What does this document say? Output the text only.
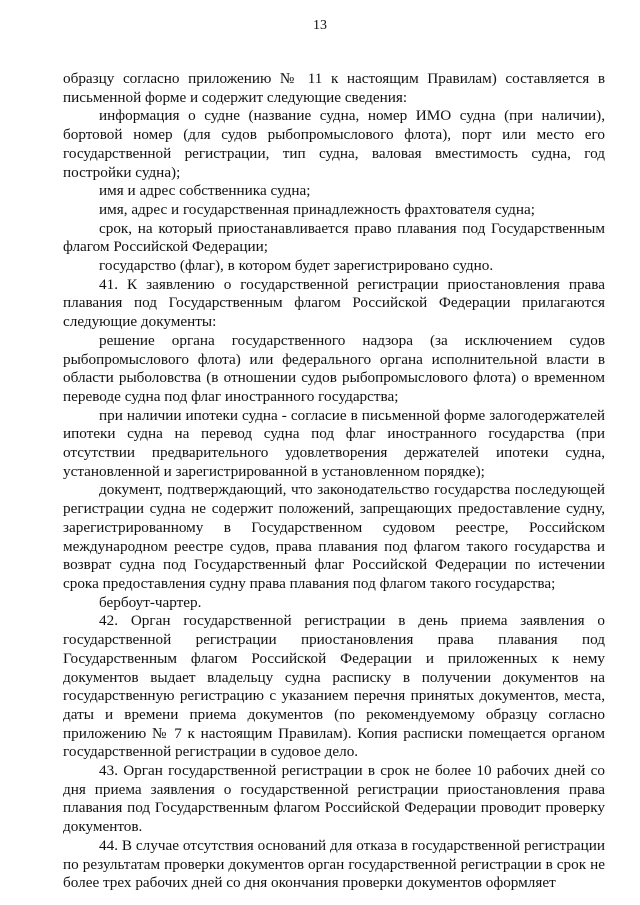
13

образцу согласно приложению № 11 к настоящим Правилам) составляется в письменной форме и содержит следующие сведения:

информация о судне (название судна, номер ИМО судна (при наличии), бортовой номер (для судов рыбопромыслового флота), порт или место его государственной регистрации, тип судна, валовая вместимость судна, год постройки судна);

имя и адрес собственника судна;

имя, адрес и государственная принадлежность фрахтователя судна;

срок, на который приостанавливается право плавания под Государственным флагом Российской Федерации;

государство (флаг), в котором будет зарегистрировано судно.

41. К заявлению о государственной регистрации приостановления права плавания под Государственным флагом Российской Федерации прилагаются следующие документы:

решение органа государственного надзора (за исключением судов рыбопромыслового флота) или федерального органа исполнительной власти в области рыболовства (в отношении судов рыбопромыслового флота) о временном переводе судна под флаг иностранного государства;

при наличии ипотеки судна - согласие в письменной форме залогодержателей ипотеки судна на перевод судна под флаг иностранного государства (при отсутствии предварительного удовлетворения держателей ипотеки судна, установленной и зарегистрированной в установленном порядке);

документ, подтверждающий, что законодательство государства последующей регистрации судна не содержит положений, запрещающих предоставление судну, зарегистрированному в Государственном судовом реестре, Российском международном реестре судов, права плавания под флагом такого государства и возврат судна под Государственный флаг Российской Федерации по истечении срока предоставления судну права плавания под флагом такого государства;

бербоут-чартер.

42. Орган государственной регистрации в день приема заявления о государственной регистрации приостановления права плавания под Государственным флагом Российской Федерации и приложенных к нему документов выдает владельцу судна расписку в получении документов на государственную регистрацию с указанием перечня принятых документов, места, даты и времени приема документов (по рекомендуемому образцу согласно приложению № 7 к настоящим Правилам). Копия расписки помещается органом государственной регистрации в судовое дело.

43. Орган государственной регистрации в срок не более 10 рабочих дней со дня приема заявления о государственной регистрации приостановления права плавания под Государственным флагом Российской Федерации проводит проверку документов.

44. В случае отсутствия оснований для отказа в государственной регистрации по результатам проверки документов орган государственной регистрации в срок не более трех рабочих дней со дня окончания проверки документов оформляет
